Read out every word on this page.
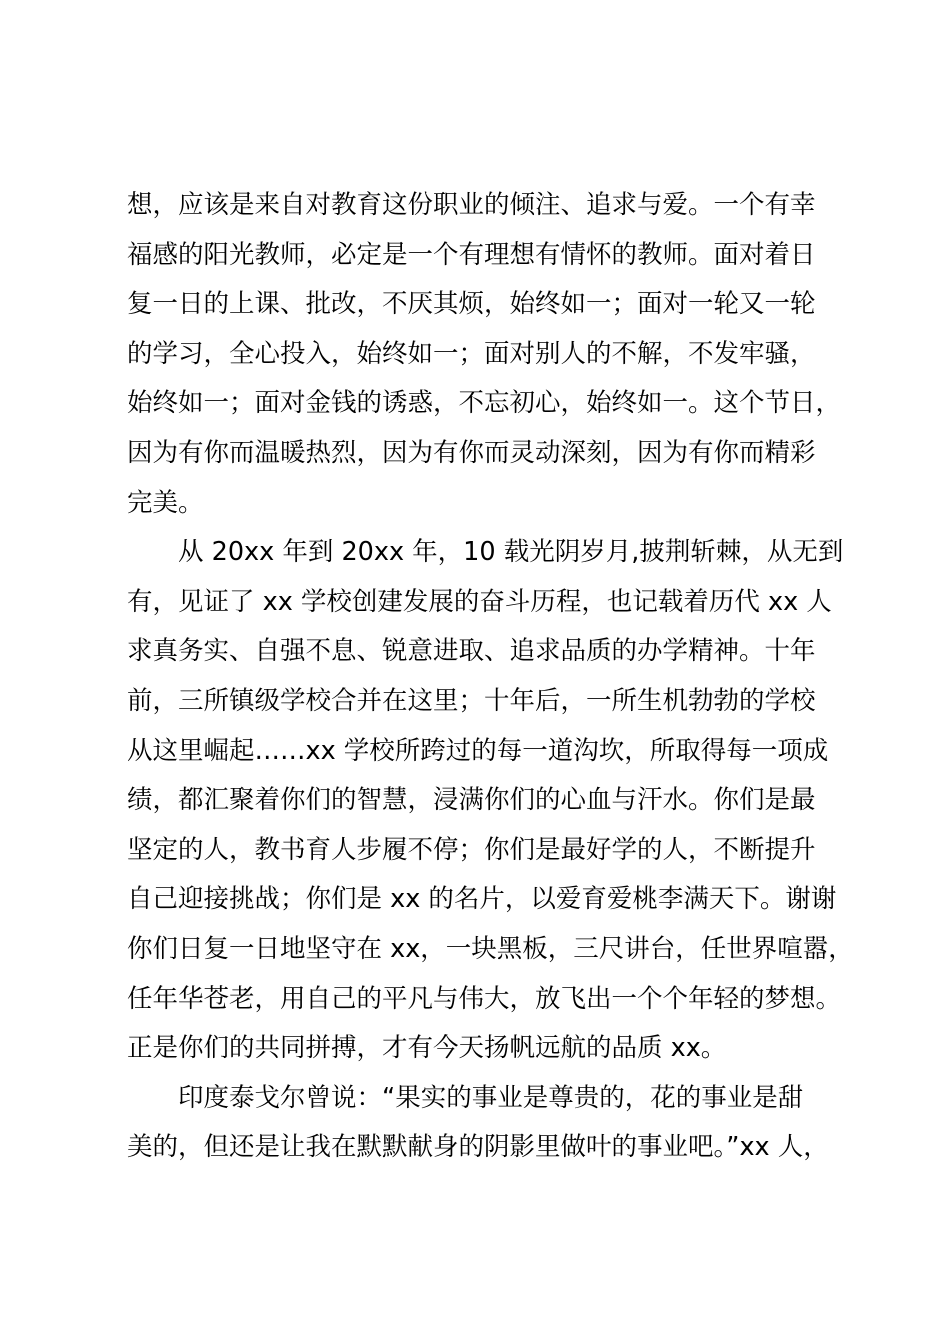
想，应该是来自对教育这份职业的倾注、追求与爱。一个有幸
福感的阳光教师，必定是一个有理想有情怀的教师。面对着日
复一日的上课、批改，不厌其烦，始终如一；面对一轮又一轮
的学习，全心投入，始终如一；面对别人的不解，不发牢骚，
始终如一；面对金钱的诱惑，不忘初心，始终如一。这个节日，
因为有你而温暖热烈，因为有你而灵动深刻，因为有你而精彩
完美。
从 20xx 年到 20xx 年，10 载光阴岁月,披荆斩棘，从无到
有，见证了 xx 学校创建发展的奋斗历程，也记载着历代 xx 人
求真务实、自强不息、锐意进取、追求品质的办学精神。十年
前，三所镇级学校合并在这里；十年后，一所生机勃勃的学校
从这里崛起……xx 学校所跨过的每一道沟坎，所取得每一项成
绩，都汇聚着你们的智慧，浸满你们的心血与汗水。你们是最
坚定的人，教书育人步履不停；你们是最好学的人，不断提升
自己迎接挑战；你们是 xx 的名片，以爱育爱桃李满天下。谢谢
你们日复一日地坚守在 xx，一块黑板，三尺讲台，任世界喧嚣，
任年华苍老，用自己的平凡与伟大，放飞出一个个年轻的梦想。
正是你们的共同拼搏，才有今天扬帆远航的品质 xx。
印度泰戈尔曾说：“果实的事业是尊贵的，花的事业是甜
美的，但还是让我在默默献身的阴影里做叶的事业吧。”xx 人，
